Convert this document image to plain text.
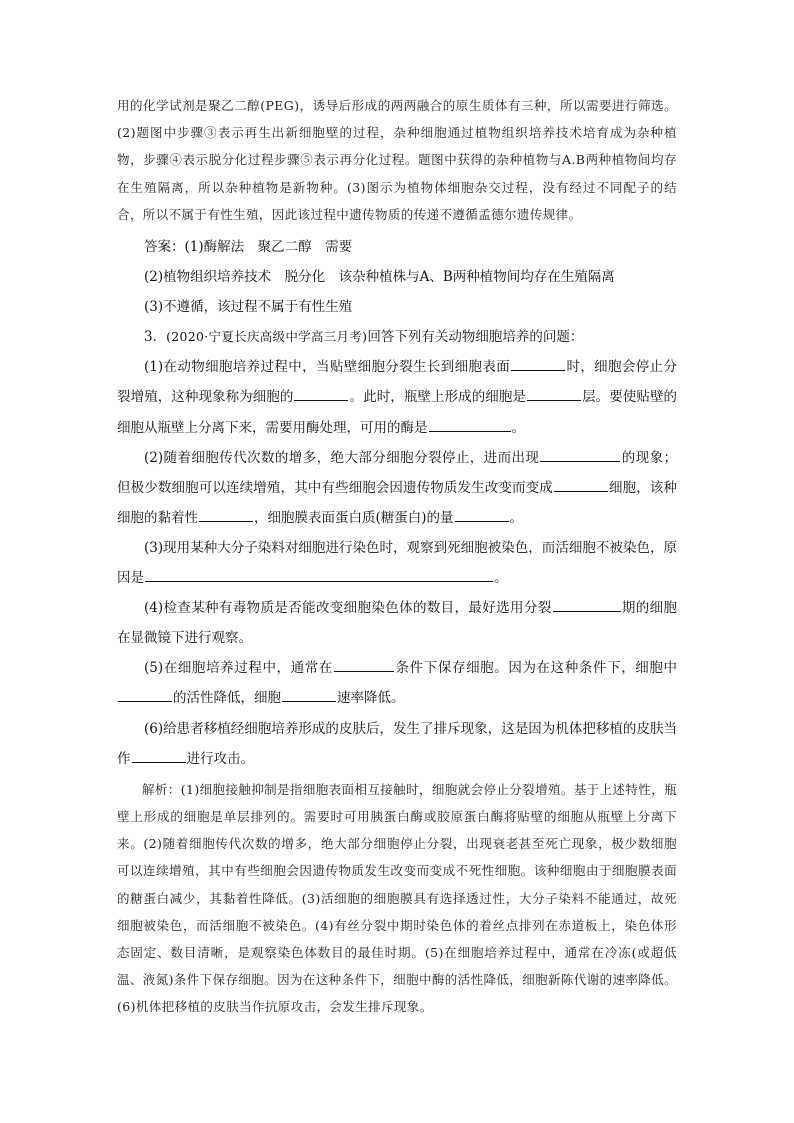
用的化学试剂是聚乙二醇(PEG)，诱导后形成的两两融合的原生质体有三种，所以需要进行筛选。(2)题图中步骤③表示再生出新细胞壁的过程，杂种细胞通过植物组织培养技术培育成为杂种植物，步骤④表示脱分化过程步骤⑤表示再分化过程。题图中获得的杂种植物与A.B两种植物间均存在生殖隔离，所以杂种植物是新物种。(3)图示为植物体细胞杂交过程，没有经过不同配子的结合，所以不属于有性生殖，因此该过程中遗传物质的传递不遵循孟德尔遗传规律。

答案：(1)酶解法　聚乙二醇　需要

(2)植物组织培养技术　脱分化　该杂种植株与A、B两种植物间均存在生殖隔离

(3)不遵循，该过程不属于有性生殖

3．(2020·宁夏长庆高级中学高三月考)回答下列有关动物细胞培养的问题：

(1)在动物细胞培养过程中，当贴壁细胞分裂生长到细胞表面	时，细胞会停止分裂增殖，这种现象称为细胞的	。此时，瓶壁上形成的细胞是	层。要使贴壁的细胞从瓶壁上分离下来，需要用酶处理，可用的酶是	。

(2)随着细胞传代次数的增多，绝大部分细胞分裂停止，进而出现	的现象；但极少数细胞可以连续增殖，其中有些细胞会因遗传物质发生改变而变成	细胞，该种细胞的黏着性	，细胞膜表面蛋白质(糖蛋白)的量	。

(3)现用某种大分子染料对细胞进行染色时，观察到死细胞被染色，而活细胞不被染色，原因是	。

(4)检查某种有毒物质是否能改变细胞染色体的数目，最好选用分裂	期的细胞在显微镜下进行观察。

(5)在细胞培养过程中，通常在	条件下保存细胞。因为在这种条件下，细胞中的活性降低，细胞	速率降低。

(6)给患者移植经细胞培养形成的皮肤后，发生了排斥现象，这是因为机体把移植的皮肤当作	进行攻击。

解析：(1)细胞接触抑制是指细胞表面相互接触时，细胞就会停止分裂增殖。基于上述特性，瓶壁上形成的细胞是单层排列的。需要时可用胰蛋白酶或胶原蛋白酶将贴壁的细胞从瓶壁上分离下来。(2)随着细胞传代次数的增多，绝大部分细胞停止分裂，出现衰老甚至死亡现象，极少数细胞可以连续增殖，其中有些细胞会因遗传物质发生改变而变成不死性细胞。该种细胞由于细胞膜表面的糖蛋白减少，其黏着性降低。(3)活细胞的细胞膜具有选择透过性，大分子染料不能通过，故死细胞被染色，而活细胞不被染色。(4)有丝分裂中期时染色体的着丝点排列在赤道板上，染色体形态固定、数目清晰，是观察染色体数目的最佳时期。(5)在细胞培养过程中，通常在冷冻(或超低温、液氮)条件下保存细胞。因为在这种条件下，细胞中酶的活性降低，细胞新陈代谢的速率降低。(6)机体把移植的皮肤当作抗原攻击，会发生排斥现象。
